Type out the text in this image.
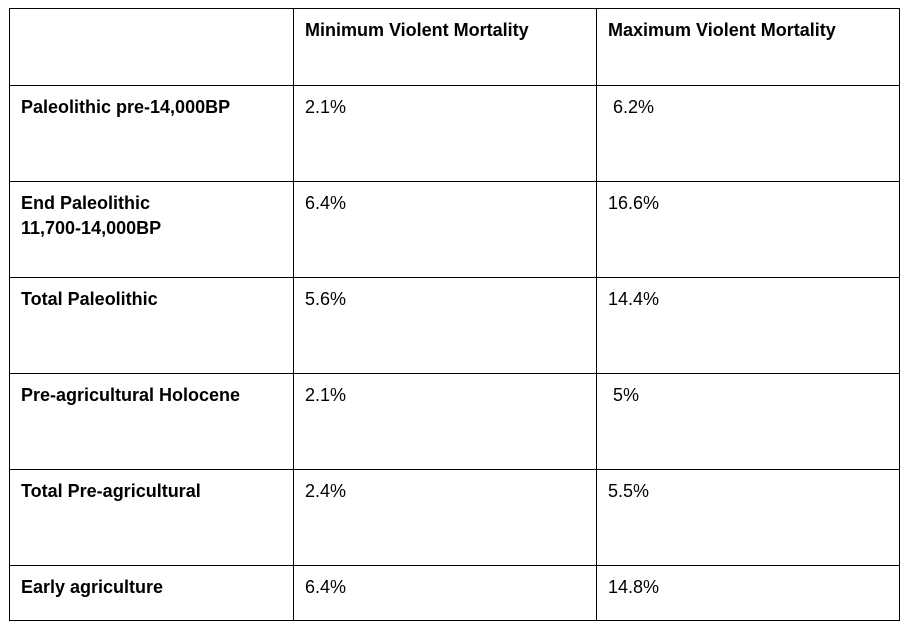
	Minimum Violent Mortality	Maximum Violent Mortality

Paleolithic pre-14,000BP	2.1%	6.2%

End Paleolithic
11,700-14,000BP	6.4%	16.6%

Total Paleolithic	5.6%	14.4%

Pre-agricultural Holocene	2.1%	5%

Total Pre-agricultural	2.4%	5.5%

Early agriculture	6.4%	14.8%
